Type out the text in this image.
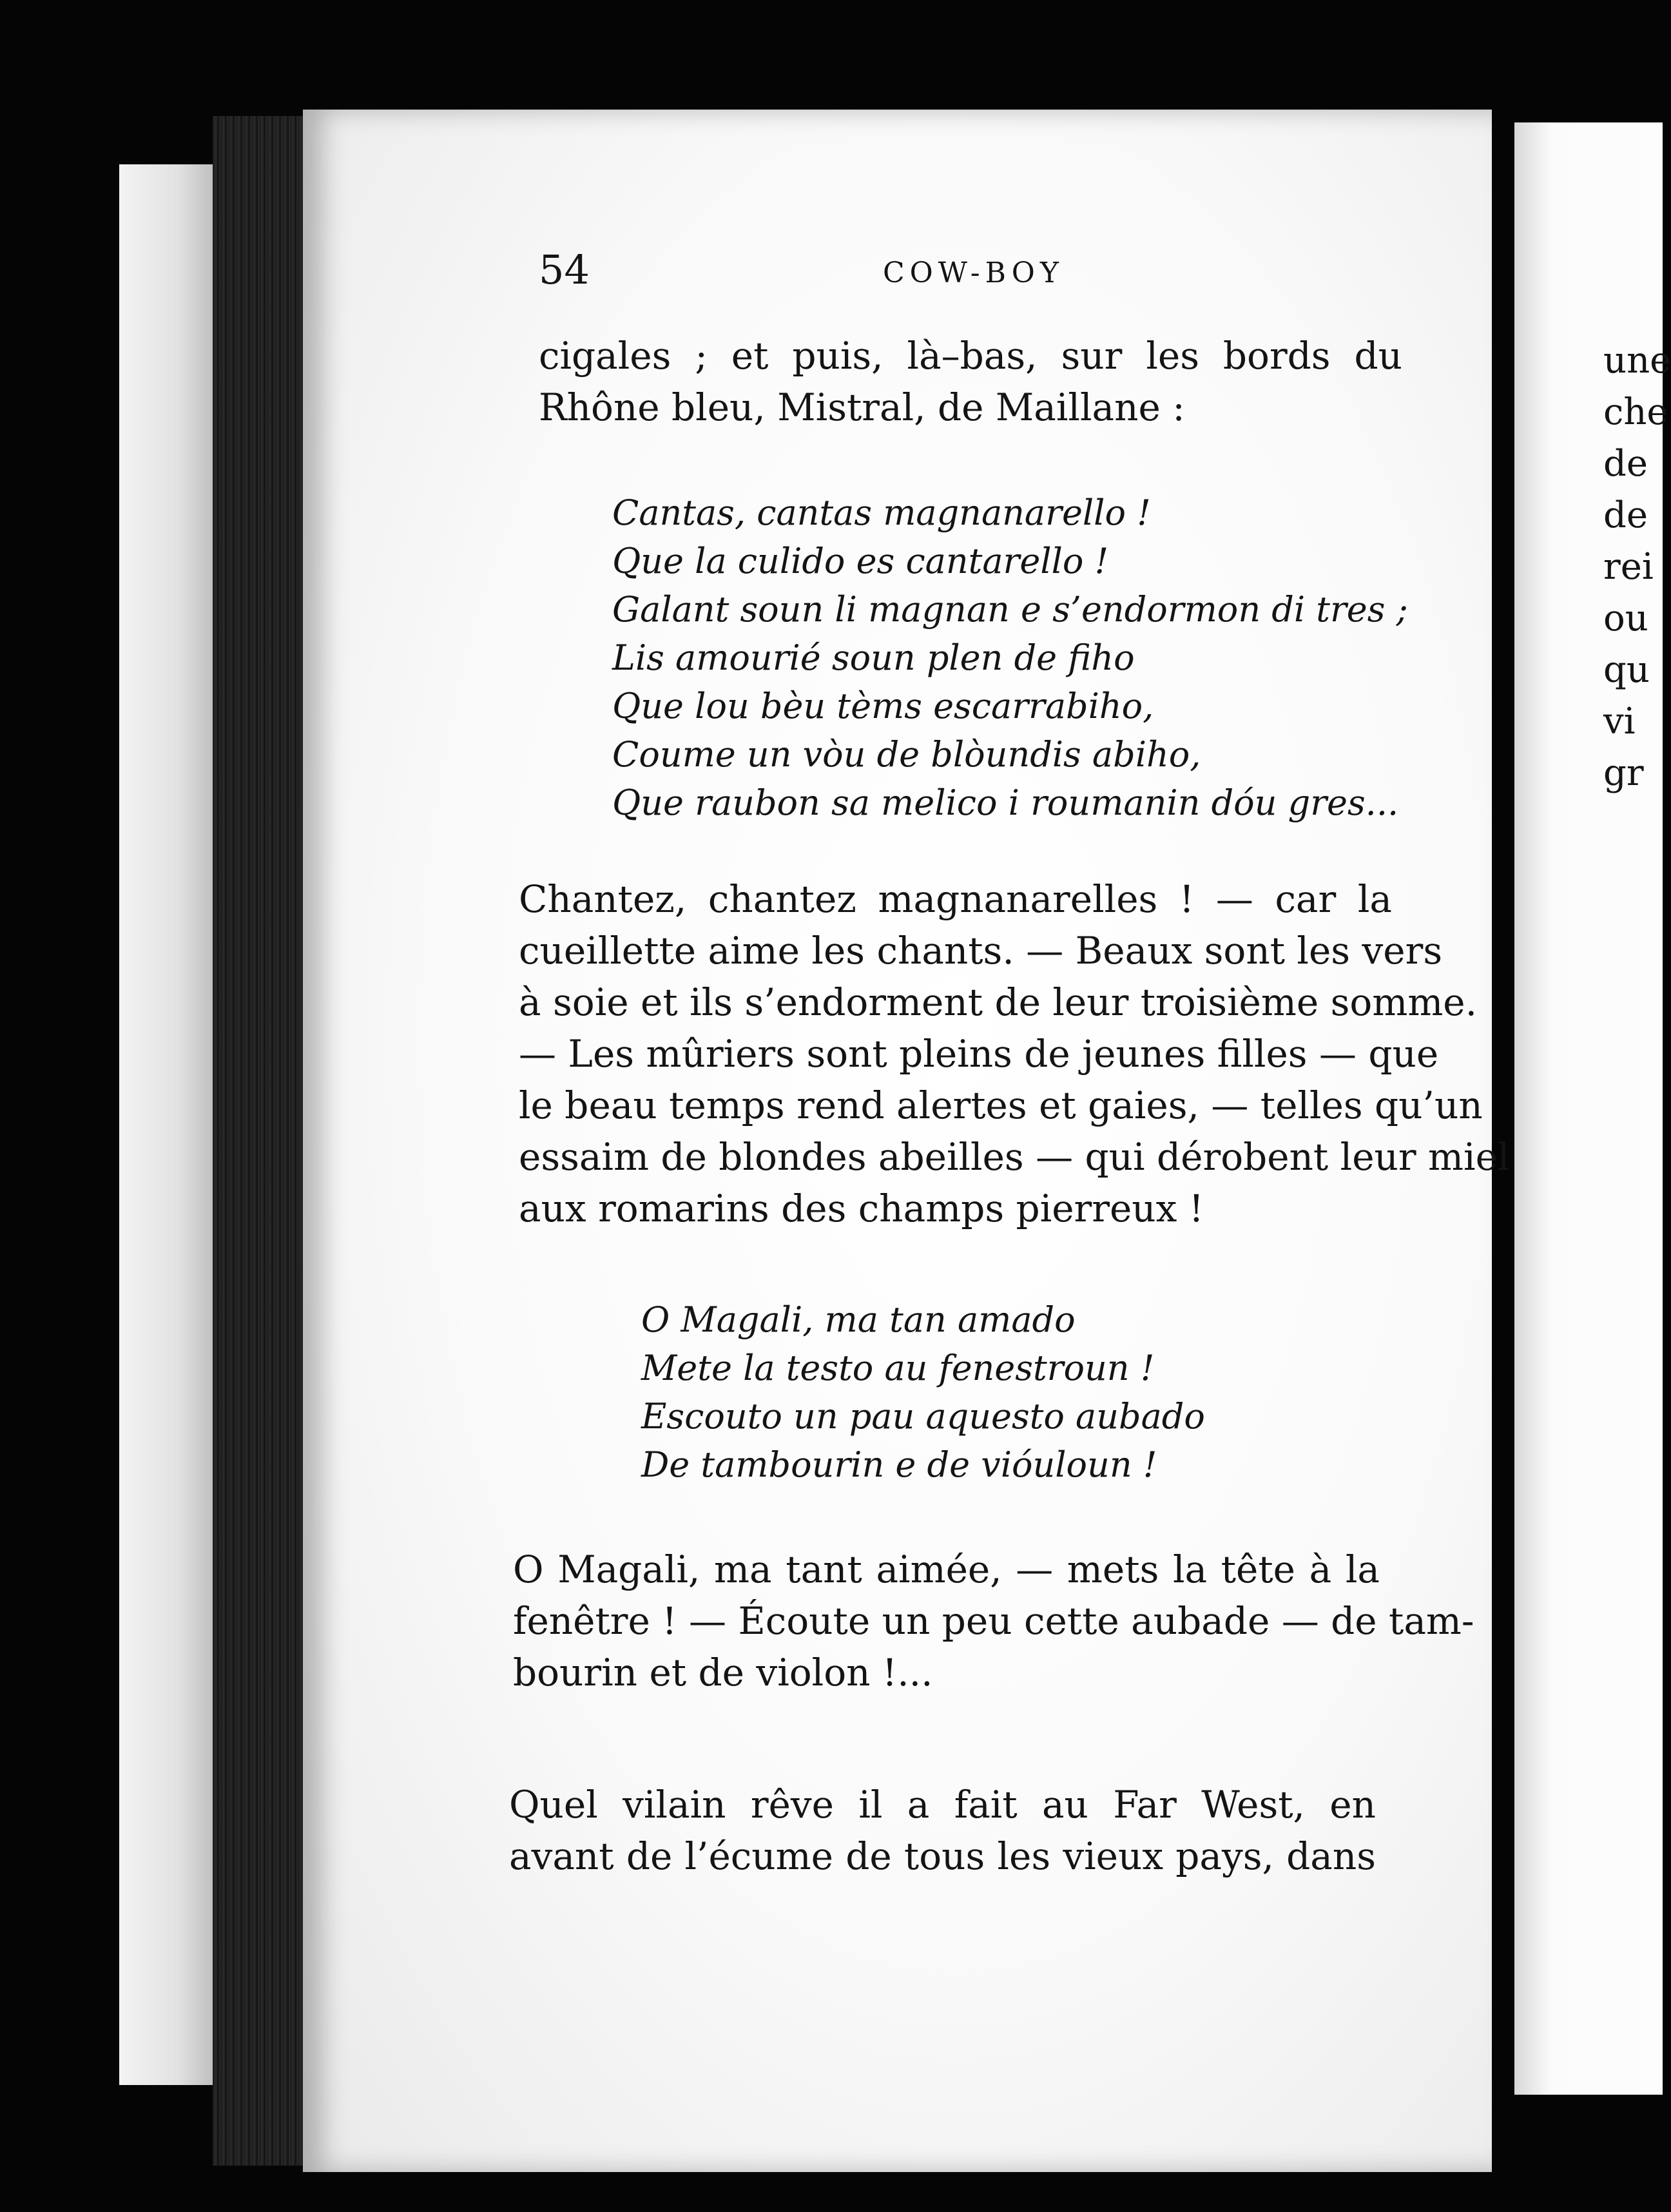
54	COW-BOY
cigales ; et puis, là–bas, sur les bords du
Rhône bleu, Mistral, de Maillane :
Cantas, cantas magnanarello !
Que la culido es cantarello !
Galant soun li magnan e s’endormon di tres ;
Lis amourié soun plen de fiho
Que lou bèu tèms escarrabiho,
Coume un vòu de blòundis abiho,
Que raubon sa melico i roumanin dóu gres...
Chantez, chantez magnanarelles ! — car la
cueillette aime les chants. — Beaux sont les vers
à soie et ils s’endorment de leur troisième somme.
— Les mûriers sont pleins de jeunes filles — que
le beau temps rend alertes et gaies, — telles qu’un
essaim de blondes abeilles — qui dérobent leur miel
aux romarins des champs pierreux !
O Magali, ma tan amado
Mete la testo au fenestroun !
Escouto un pau aquesto aubado
De tambourin e de vióuloun !
O Magali, ma tant aimée, — mets la tête à la
fenêtre ! — Écoute un peu cette aubade — de tam-
bourin et de violon !...
Quel vilain rêve il a fait au Far West, en
avant de l’écume de tous les vieux pays, dans
une
che
de
de
rei
ou
qu
vi
gr
